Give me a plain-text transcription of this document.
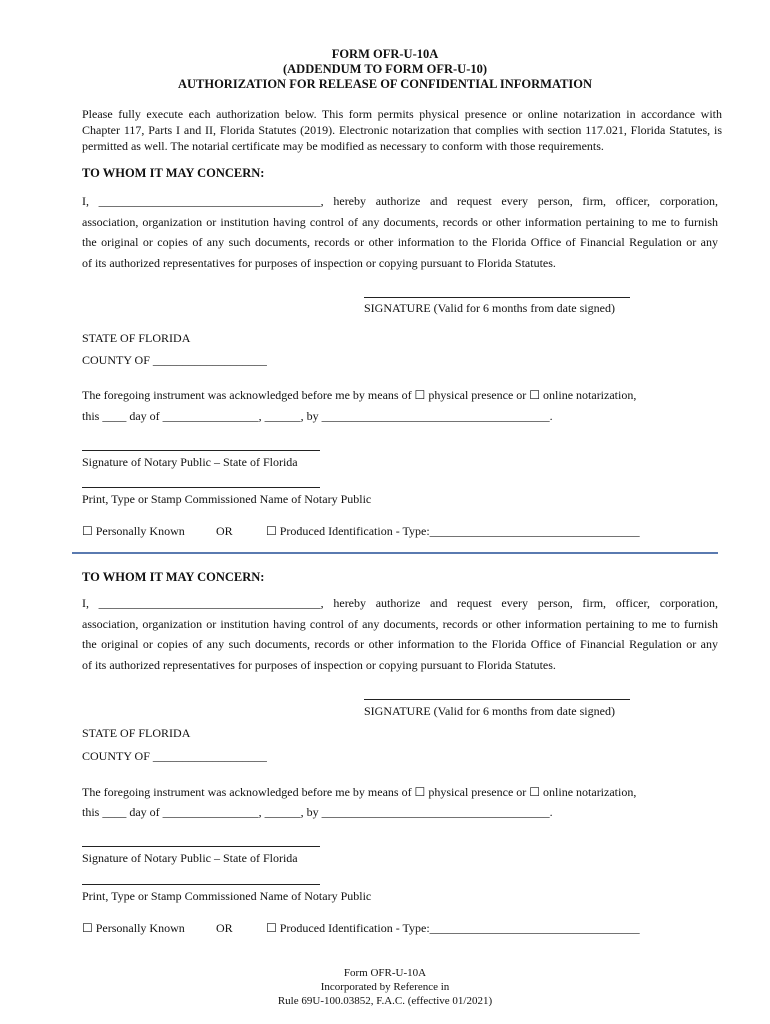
FORM OFR-U-10A
(ADDENDUM TO FORM OFR-U-10)
AUTHORIZATION FOR RELEASE OF CONFIDENTIAL INFORMATION
Please fully execute each authorization below. This form permits physical presence or online notarization in accordance with Chapter 117, Parts I and II, Florida Statutes (2019). Electronic notarization that complies with section 117.021, Florida Statutes, is permitted as well. The notarial certificate may be modified as necessary to conform with those requirements.
TO WHOM IT MAY CONCERN:
I, _____________________________________, hereby authorize and request every person, firm, officer, corporation,
association, organization or institution having control of any documents, records or other information pertaining to me to furnish
the original or copies of any such documents, records or other information to the Florida Office of Financial Regulation or any
of its authorized representatives for purposes of inspection or copying pursuant to Florida Statutes.
SIGNATURE (Valid for 6 months from date signed)
STATE OF FLORIDA
COUNTY OF ___________________
The foregoing instrument was acknowledged before me by means of ☐ physical presence or ☐ online notarization,
this ____ day of ________________, ______, by ______________________________________.
Signature of Notary Public – State of Florida
Print, Type or Stamp Commissioned Name of Notary Public
☐ Personally Known	OR	☐ Produced Identification - Type:___________________________________
TO WHOM IT MAY CONCERN:
I, _____________________________________, hereby authorize and request every person, firm, officer, corporation,
association, organization or institution having control of any documents, records or other information pertaining to me to furnish
the original or copies of any such documents, records or other information to the Florida Office of Financial Regulation or any
of its authorized representatives for purposes of inspection or copying pursuant to Florida Statutes.
SIGNATURE (Valid for 6 months from date signed)
STATE OF FLORIDA
COUNTY OF ___________________
The foregoing instrument was acknowledged before me by means of ☐ physical presence or ☐ online notarization,
this ____ day of ________________, ______, by ______________________________________.
Signature of Notary Public – State of Florida
Print, Type or Stamp Commissioned Name of Notary Public
☐ Personally Known	OR	☐ Produced Identification - Type:___________________________________
Form OFR-U-10A
Incorporated by Reference in
Rule 69U-100.03852, F.A.C. (effective 01/2021)
